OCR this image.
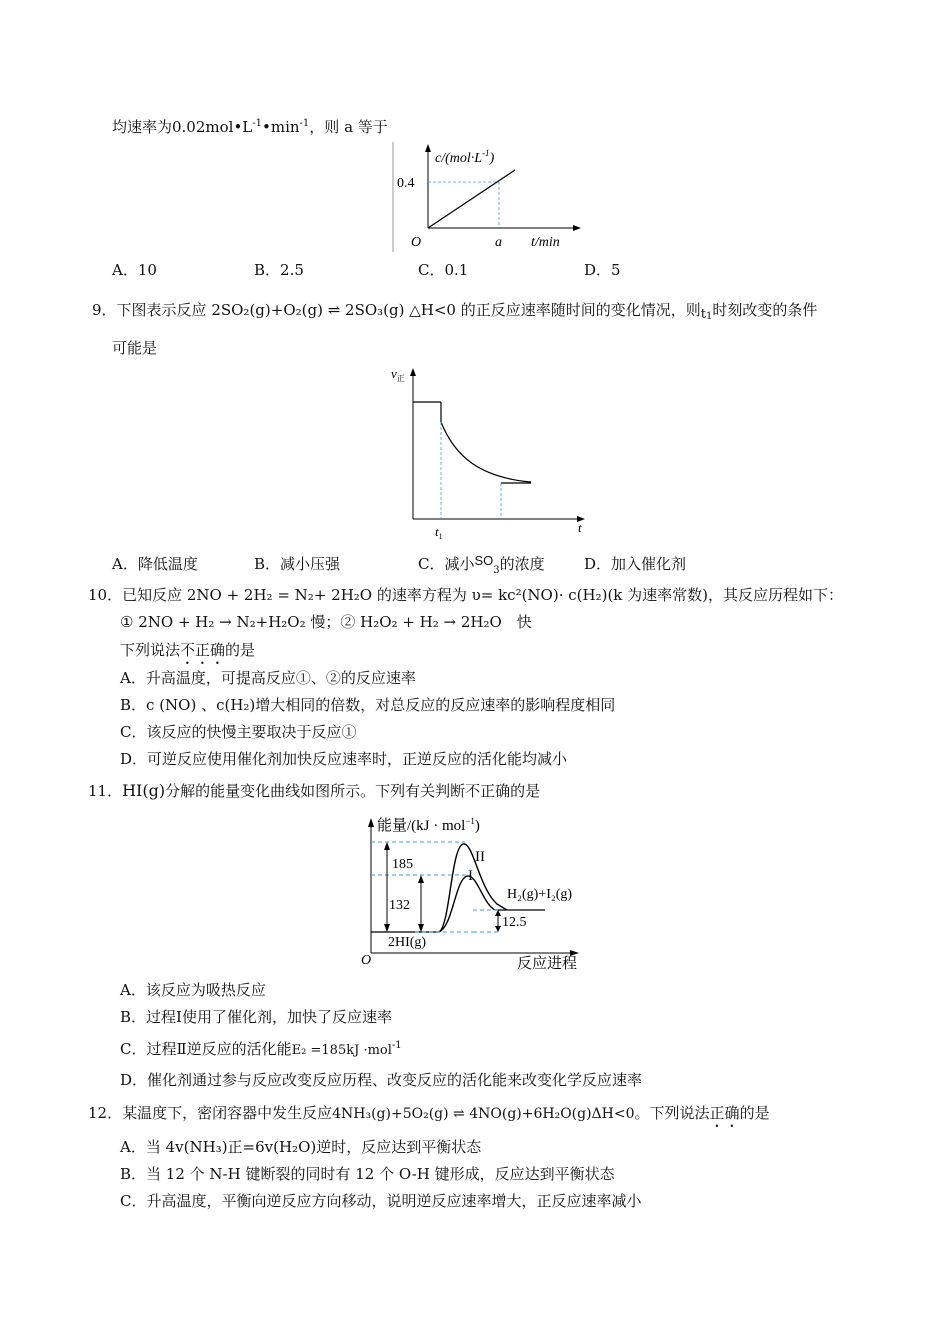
均速率为$0.02mol•L^{-1}•\min^{-1}$，则 a 等于
$c/(mol\cdot L^{-1})$
0.4
O	a t/min
A．10	B．2.5	C．0.1	D．5
9．下图表示反应 2SO₂(g)+O₂(g) ⇌ 2SO₃(g) △H<0 的正反应速率随时间的变化情况，则$t_1$时刻改变的条件
可能是
$v_正$
$t_1$
t
A．降低温度	B．减小压强	C．减小$SO_3$的浓度	D．加入催化剂
10．已知反应 2NO + 2H₂ = N₂+ 2H₂O 的速率方程为 υ= kc²(NO)· c(H₂)(k 为速率常数)，其反应历程如下：
① 2NO + H₂ → N₂+H₂O₂ 慢；② H₂O₂ + H₂ → 2H₂O　快
下列说法不正确的是
A．升高温度，可提高反应①、②的反应速率
B．c (NO) 、c(H₂)增大相同的倍数，对总反应的反应速率的影响程度相同
C．该反应的快慢主要取决于反应①
D．可逆反应使用催化剂加快反应速率时，正逆反应的活化能均减小
11．HI(g)分解的能量变化曲线如图所示。下列有关判断不正确的是
能量/(kJ · mol$^{-1}$)
185
132
12.5
I
II
2HI(g)
H₂(g)+I₂(g)
O	反应进程
A．该反应为吸热反应
B．过程Ⅰ使用了催化剂，加快了反应速率
C．过程Ⅱ逆反应的活化能E₂ =185kJ ·mol$^{-1}$
D．催化剂通过参与反应改变反应历程、改变反应的活化能来改变化学反应速率
12．某温度下，密闭容器中发生反应4NH₃(g)+5O₂(g) ⇌ 4NO(g)+6H₂O(g)ΔH<0。下列说法正确的是
A．当 4v(NH₃)正=6v(H₂O)逆时，反应达到平衡状态
B．当 12 个 N-H 键断裂的同时有 12 个 O-H 键形成，反应达到平衡状态
C．升高温度，平衡向逆反应方向移动，说明逆反应速率增大，正反应速率减小
